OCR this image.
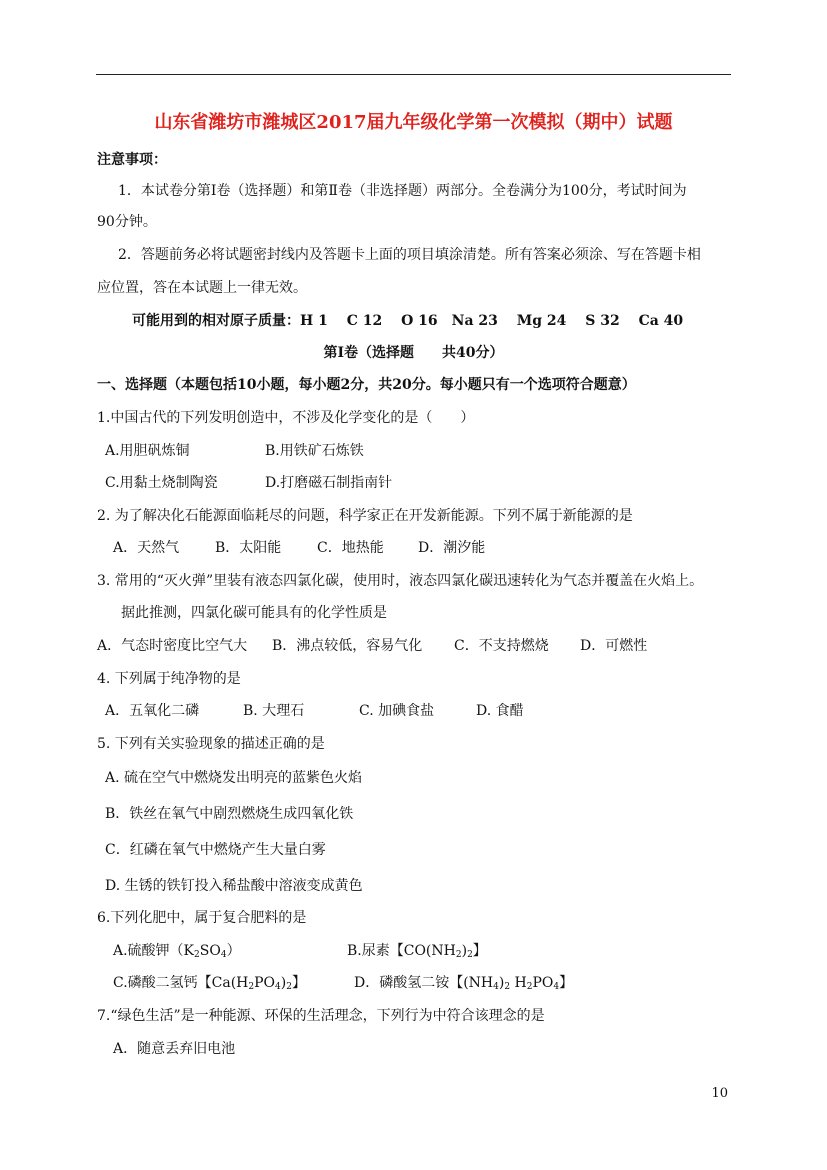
山东省潍坊市潍城区2017届九年级化学第一次模拟（期中）试题
注意事项：
1．本试卷分第Ⅰ卷（选择题）和第Ⅱ卷（非选择题）两部分。全卷满分为100分，考试时间为
90分钟。
2．答题前务必将试题密封线内及答题卡上面的项目填涂清楚。所有答案必须涂、写在答题卡相
应位置，答在本试题上一律无效。
可能用到的相对原子质量：H 1　 C 12　 O 16　Na 23　 Mg 24　 S 32　 Ca 40
第Ⅰ卷（选择题　　共40分）
一、选择题（本题包括10小题，每小题2分，共20分。每小题只有一个选项符合题意）
1.中国古代的下列发明创造中，不涉及化学变化的是（　　）
A.用胆矾炼铜	B.用铁矿石炼铁
C.用黏土烧制陶瓷	D.打磨磁石制指南针
2. 为了解决化石能源面临耗尽的问题，科学家正在开发新能源。下列不属于新能源的是
A．天然气	B．太阳能	C．地热能 D．潮汐能
3. 常用的“灭火弹”里装有液态四氯化碳，使用时，液态四氯化碳迅速转化为气态并覆盖在火焰上。
据此推测，四氯化碳可能具有的化学性质是
A．气态时密度比空气大 B．沸点较低，容易气化 C．不支持燃烧 D．可燃性
4. 下列属于纯净物的是
A．五氧化二磷	B. 大理石	C. 加碘食盐	D. 食醋
5. 下列有关实验现象的描述正确的是
A. 硫在空气中燃烧发出明亮的蓝紫色火焰
B．铁丝在氧气中剧烈燃烧生成四氧化铁
C．红磷在氧气中燃烧产生大量白雾
D. 生锈的铁钉投入稀盐酸中溶液变成黄色
6.下列化肥中，属于复合肥料的是
A.硫酸钾$(K_2SO_4)$	B.尿素【$CO(NH_2)_2$】
C.磷酸二氢钙【$Ca(H_2PO_4)_2$】	D．磷酸氢二铵【$(NH_4)_2$ $H_2PO_4$】
7.“绿色生活”是一种能源、环保的生活理念，下列行为中符合该理念的是
A．随意丢弃旧电池
10
